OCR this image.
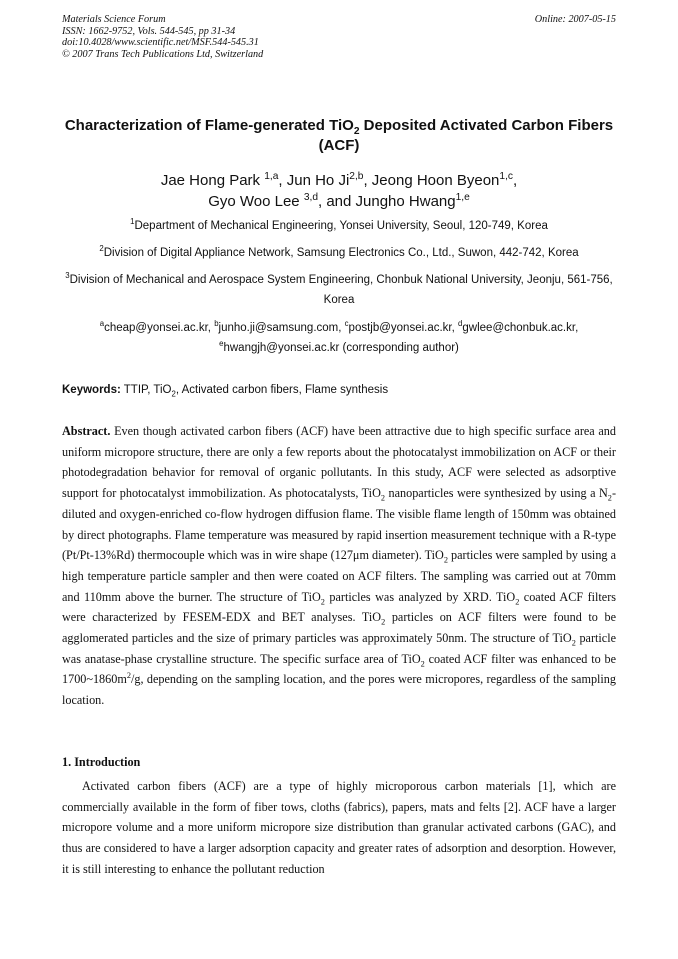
Materials Science Forum
ISSN: 1662-9752, Vols. 544-545, pp 31-34
doi:10.4028/www.scientific.net/MSF.544-545.31
© 2007 Trans Tech Publications Ltd, Switzerland
Online: 2007-05-15
Characterization of Flame-generated TiO$_2$ Deposited Activated Carbon Fibers (ACF)
Jae Hong Park $^{1,a}$, Jun Ho Ji$^{2,b}$, Jeong Hoon Byeon$^{1,c}$,
Gyo Woo Lee $^{3,d}$, and Jungho Hwang$^{1,e}$
$^1$Department of Mechanical Engineering, Yonsei University, Seoul, 120-749, Korea
$^2$Division of Digital Appliance Network, Samsung Electronics Co., Ltd., Suwon, 442-742, Korea
$^3$Division of Mechanical and Aerospace System Engineering, Chonbuk National University, Jeonju, 561-756, Korea
$^a$cheap@yonsei.ac.kr, $^b$junho.ji@samsung.com, $^c$postjb@yonsei.ac.kr, $^d$gwlee@chonbuk.ac.kr,
$^e$hwangjh@yonsei.ac.kr (corresponding author)
Keywords: TTIP, TiO$_2$, Activated carbon fibers, Flame synthesis
Abstract. Even though activated carbon fibers (ACF) have been attractive due to high specific surface area and uniform micropore structure, there are only a few reports about the photocatalyst immobilization on ACF or their photodegradation behavior for removal of organic pollutants. In this study, ACF were selected as adsorptive support for photocatalyst immobilization. As photocatalysts, TiO$_2$ nanoparticles were synthesized by using a $N_2$-diluted and oxygen-enriched co-flow hydrogen diffusion flame. The visible flame length of 150mm was obtained by direct photographs. Flame temperature was measured by rapid insertion measurement technique with a R-type (Pt/Pt-13%Rd) thermocouple which was in wire shape (127μm diameter). TiO$_2$ particles were sampled by using a high temperature particle sampler and then were coated on ACF filters. The sampling was carried out at 70mm and 110mm above the burner. The structure of TiO$_2$ particles was analyzed by XRD. TiO$_2$ coated ACF filters were characterized by FESEM-EDX and BET analyses. TiO$_2$ particles on ACF filters were found to be agglomerated particles and the size of primary particles was approximately 50nm. The structure of TiO$_2$ particle was anatase-phase crystalline structure. The specific surface area of TiO$_2$ coated ACF filter was enhanced to be $1700\sim 1860m^2/g$, depending on the sampling location, and the pores were micropores, regardless of the sampling location.
1. Introduction
Activated carbon fibers (ACF) are a type of highly microporous carbon materials [1], which are commercially available in the form of fiber tows, cloths (fabrics), papers, mats and felts [2]. ACF have a larger micropore volume and a more uniform micropore size distribution than granular activated carbons (GAC), and thus are considered to have a larger adsorption capacity and greater rates of adsorption and desorption. However, it is still interesting to enhance the pollutant reduction
